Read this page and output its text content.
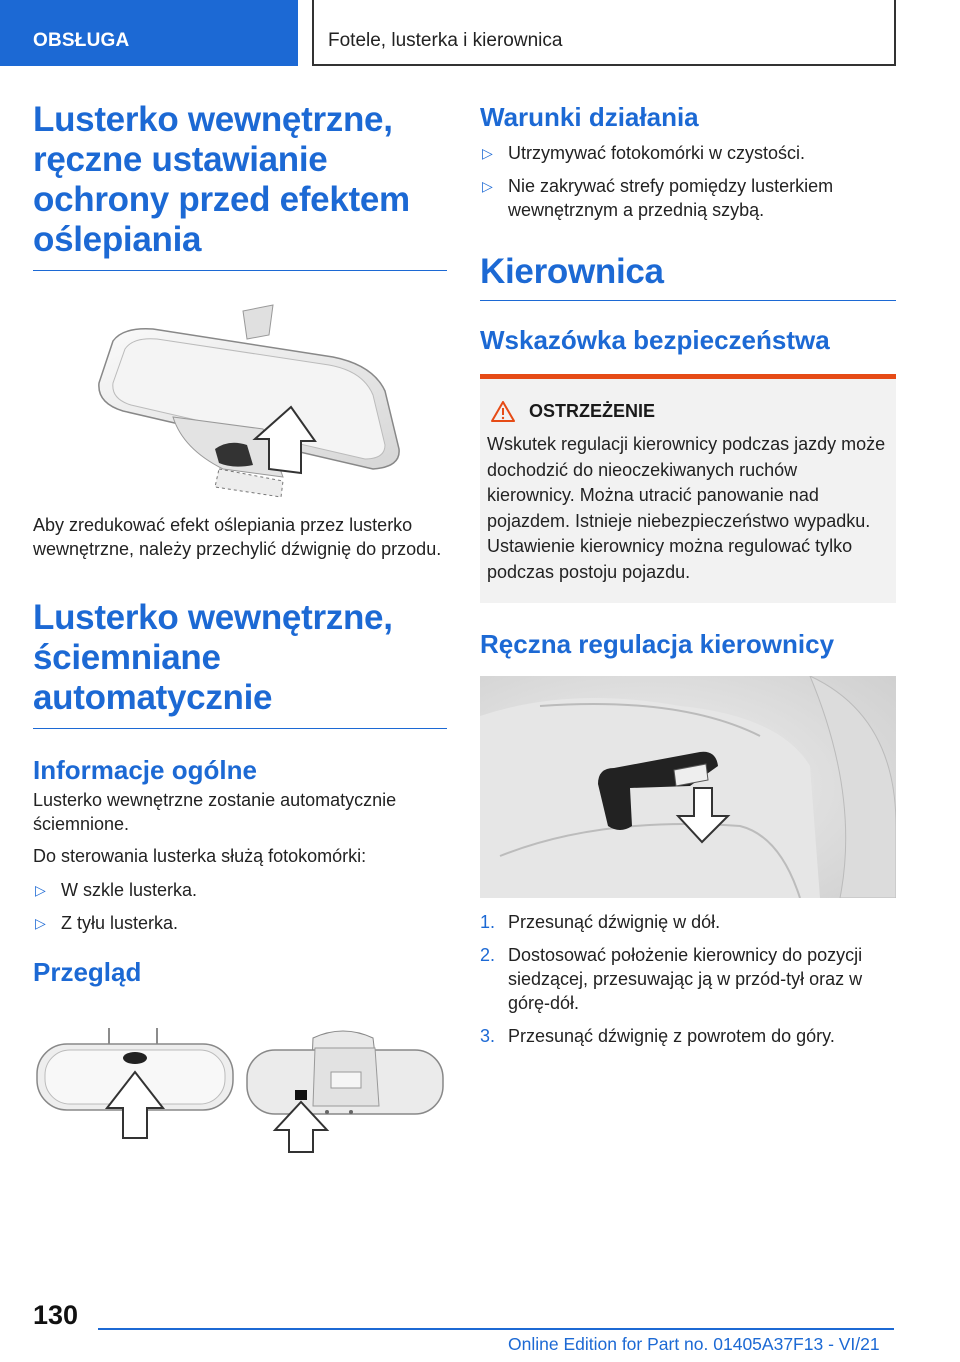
OBSŁUGA	Fotele, lusterka i kierownica
Lusterko wewnętrzne, ręczne ustawianie ochrony przed efektem oślepiania

Aby zredukować efekt oślepiania przez lusterko wewnętrzne, należy przechylić dźwignię do przodu.

Lusterko wewnętrzne, ściemniane automatycznie
Informacje ogólne

Lusterko wewnętrzne zostanie automatycznie ściemnione.

Do sterowania lusterka służą fotokomórki:

▷ W szkle lusterka.
▷ Z tyłu lusterka.
Przegląd
Warunki działania
▷ Utrzymywać fotokomórki w czystości.
▷ Nie zakrywać strefy pomiędzy lusterkiem wewnętrznym a przednią szybą.
Kierownica
Wskazówka bezpieczeństwa
OSTRZEŻENIE

Wskutek regulacji kierownicy podczas jazdy może dochodzić do nieoczekiwanych ruchów kierownicy. Można utracić panowanie nad pojazdem. Istnieje niebezpieczeństwo wypadku. Ustawienie kierownicy można regulować tylko podczas postoju pojazdu.

Ręczna regulacja kierownicy
1. Przesunąć dźwignię w dół.
2. Dostosować położenie kierownicy do pozycji siedzącej, przesuwając ją w przód-tył oraz w górę-dół.
3. Przesunąć dźwignię z powrotem do góry.
130
Online Edition for Part no. 01405A37F13 - VI/21
